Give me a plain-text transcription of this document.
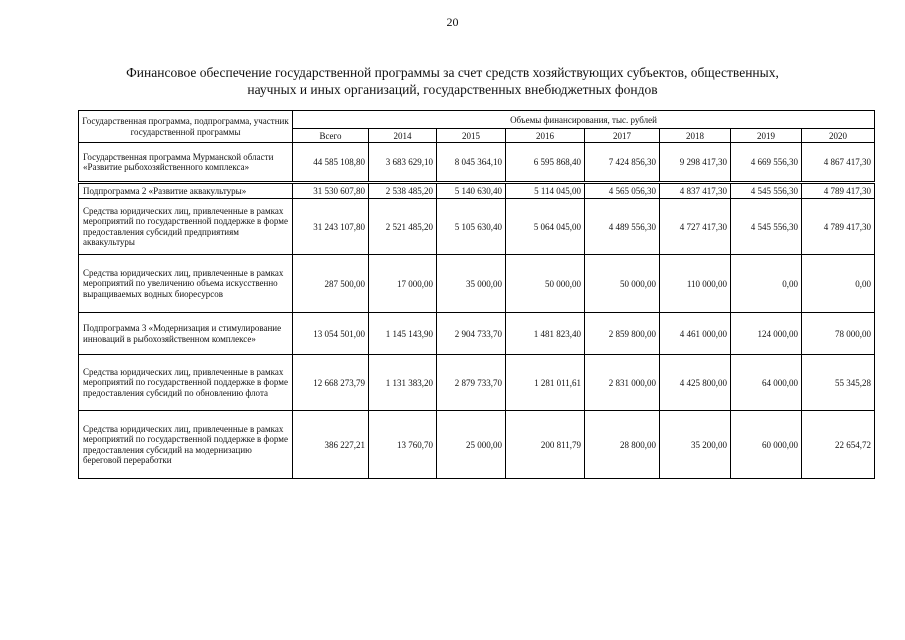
20
Финансовое обеспечение государственной программы за счет средств хозяйствующих субъектов, общественных,
научных и иных организаций, государственных внебюджетных фондов
Государственная программа, подпрограмма, участник государственной программы	Объемы финансирования, тыс. рублей							
	Всего	2014	2015	2016	2017	2018	2019	2020
Государственная программа Мурманской области «Развитие рыбохозяйственного комплекса»	44 585 108,80	3 683 629,10	8 045 364,10	6 595 868,40	7 424 856,30	9 298 417,30	4 669 556,30	4 867 417,30
Подпрограмма 2 «Развитие аквакультуры»	31 530 607,80	2 538 485,20	5 140 630,40	5 114 045,00	4 565 056,30	4 837 417,30	4 545 556,30	4 789 417,30
Средства юридических лиц, привлеченные в рамках мероприятий по государственной поддержке в форме предоставления субсидий предприятиям аквакультуры	31 243 107,80	2 521 485,20	5 105 630,40	5 064 045,00	4 489 556,30	4 727 417,30	4 545 556,30	4 789 417,30
Средства юридических лиц, привлеченные в рамках мероприятий по увеличению объема искусственно выращиваемых водных биоресурсов	287 500,00	17 000,00	35 000,00	50 000,00	50 000,00	110 000,00	0,00	0,00
Подпрограмма 3 «Модернизация и стимулирование инноваций в рыбохозяйственном комплексе»	13 054 501,00	1 145 143,90	2 904 733,70	1 481 823,40	2 859 800,00	4 461 000,00	124 000,00	78 000,00
Средства юридических лиц, привлеченные в рамках мероприятий по государственной поддержке в форме предоставления субсидий по обновлению флота	12 668 273,79	1 131 383,20	2 879 733,70	1 281 011,61	2 831 000,00	4 425 800,00	64 000,00	55 345,28
Средства юридических лиц, привлеченные в рамках мероприятий по государственной поддержке в форме предоставления субсидий на модернизацию береговой переработки	386 227,21	13 760,70	25 000,00	200 811,79	28 800,00	35 200,00	60 000,00	22 654,72
